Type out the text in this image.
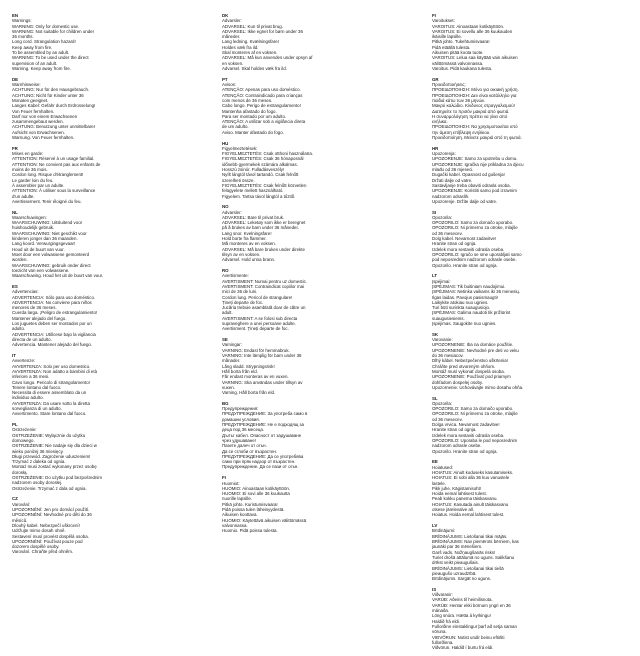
EN
Warnings:
WARNING: Only for domestic use.
WARNING: Not suitable for children under
36 months.
Long cord. Strangulation hazard!
Keep away from fire.
To be assembled by an adult.
WARNING: To be used under the direct
supervision of an adult.
Warning. Keep away from fire.
DE
Warnhinweise:
ACHTUNG: Nur für den Hausgebrauch.
ACHTUNG: Nicht für Kinder unter 36
Monaten geeignet.
Langes Kabel: Gefahr durch Erdrosselung!
Von Feuer fernhalten.
Darf nur von einem Erwachsenen
zusammengebaut werden.
ACHTUNG: Benutzung unter unmittelbarer
Aufsicht von Erwachsenen.
Warnung. Von Feuer fernhalten.
FR
Mises en garde:
ATTENTION: Réservé à un usage familial.
ATTENTION: Ne convient pas aux enfants de
moins de 36 mois.
Cordon long. Risque d'étranglement!
Le garder loin du feu.
À assembler par un adulte.
ATTENTION: À utiliser sous la surveillance
d'un adulte.
Avertissement. Tenir éloigné du feu.
NL
Waarschuwingen:
WAARSCHUWING: Uitsluitend voor
huishoudelijk gebruik.
WAARSCHUWING: Niet geschikt voor
kinderen jonger dan 36 maanden.
Lang koord. Verwurgingsgevaar!
Houd uit de buurt van vuur.
Moet door een volwassene gemonteerd
worden.
WAARSCHUWING: gebruik onder direct
toezicht van een volwassene.
Waarschuwing. Houd het uit de buurt van vuur.
ES
Advertencias:
ADVERTENCIA: Sólo para uso doméstico.
ADVERTENCIA: No conviene para niños
menores de 36 meses.
Cuerda larga. ¡Peligro de estrangulamiento!
Mantener alejado del fuego.
Los juguetes deben ser montados por un
adulto.
ADVERTENCIA: Utilícese bajo la vigilancia
directa de un adulto.
Advertencia. Mantener alejado del fuego.
IT
Avvertenze:
AVVERTENZA: Solo per uso domestico.
AVVERTENZA: Non adatto a bambini di età
inferiore a 36 mesi.
Cavo lungo. Pericolo di strangolamento!
Tenere lontano dal fuoco.
Necessita di essere assemblato da un
individuo adulto.
AVVERTENZA: Da usare sotto la diretta
sorveglianza di un adulto.
Avvertimento. Stare lontano dal fuoco.
PL
Ostrzeżenie:
OSTRZEŻENIE: Wyłącznie do użytku
domowego.
OSTRZEŻENIE: Nie nadaje się dla dzieci w
wieku poniżej 36 miesięcy.
Długi przewód. Zagrożenie uduszeniem!
Trzymać z daleka od ognia.
Montaż musi zostać wykonany przez osobę
dorosłą.
OSTRZEŻENIE: Do użytku pod bezpośrednim
nadzorem osoby dorosłej.
Ostrzeżenie. Trzymać z dala od ognia.
CZ
Varování:
UPOZORNĚNÍ: Jen pro domácí použití.
UPOZORNĚNÍ: Nevhodné pro děti do 36
měsíců.
Dlouhý kabel. Nebezpečí uškrcení!
Udržujte mimo dosah ohně.
Sestavení musí provést dospělá osoba.
UPOZORNĚNÍ: Používat pouze pod
dozorem dospělé osoby.
Varování. Chraňte před ohněm.
DK
Advarsler:
ADVARSEL: Kun til privat brug.
ADVARSEL: Ikke egnet for børn under 36
måneder.
Lang ledning. Kvælningsfare!
Holdes væk fra ild.
Skal monteres af en voksen.
ADVARSEL: Må kun anvendes under opsyn af
en voksen.
Advarsel. Skal holdes væk fra ild.
PT
Avisos:
ATENÇÃO: Apenas para uso doméstico.
ATENÇÃO: Contraindicado para crianças
com menos de 36 meses.
Cabo longo. Perigo de estrangulamento!
Mantenha afastado do fogo.
Para ser montado por um adulto.
ATENÇÃO: A utilizar sob a vigilância direta
de um adulto.
Aviso. Manter afastado do fogo.
HU
Figyelmeztetések:
FIGYELMEZTETÉS: Csak otthoni használatra.
FIGYELMEZTETÉS: Csak 36 hónaposnál
idősebb gyermekek számára alkalmas.
Hosszú zsinór. Fulladásveszély!
Nyílt lángtól távol tartandó. Csak felnőtt
szerelheti össze.
FIGYELMEZTETÉS: Csak felnőtt közvetlen
felügyelete mellett használható.
Figyelem. Tartsa távol lángtól a tűztől.
NO
Advarsler:
ADVARSEL: Bare til privat bruk.
ADVARSEL: Leketøy som ikke er beregnet
på å brukes av barn under 36 måneder.
Lang snor. Kvelningsfare!
Hold borte fra flammer.
Må monteres av en voksen.
ADVARSEL: Må bare brukes under direkte
tilsyn av en voksen.
Advarsel. Hold unna brann.
RO
Avertismente:
AVERTISMENT: Numai pentru uz domestic.
AVERTISMENT: Contraindicat copiilor mai
mici de 36 de luni.
Cordon lung. Pericol de strangulare!
Țineți departe de foc.
Jucăria trebuie asamblată doar de către un
adult.
AVERTISMENT: A se folosi sub directa
supraveghere a unei persoane adulte.
Avertisment. Țineți departe de foc.
SE
Varningar:
VARNING: Endast för hemmabruk.
VARNING: Inte lämplig för barn under 36
månader.
Lång sladd. Strypningsrisk!
Håll borta från eld.
Får endast monteras av en vuxen.
VARNING: Ska användas under tillsyn av
vuxen.
Varning. Håll borta från eld.
BG
Предупреждения:
ПРЕДУПРЕЖДЕНИЕ: За употреба само в
домашни условия.
ПРЕДУПРЕЖДЕНИЕ: Не е подходящ за
деца под 36 месеца.
Дълъг кабел. Опасност от задушаване
чрез удушаване!
Пазете далеч от огън.
Да се сглоби от възрастен.
ПРЕДУПРЕЖДЕНИЕ: Да се употребява
само при пряк надзор от възрастен.
Предупреждение. Да се пази от огън.
FI
Huomiot:
HUOMIO: Ainoastaan kotikäyttöön.
HUOMIO: Ei sovi alle 36 kuukautta
nuorille lapsille.
Pitkä johto. Kuristumisvaara!
Pidä poissa tulen läheisyydestä.
Aikuisen koottava.
HUOMIO: Käytettävä aikuisen välittömässä
valvonnassa.
Huomio. Pidä poissa tulesta.
FI
Varoitukset:
VAROITUS: Ainoastaan kotikäyttöön.
VAROITUS: Ei sovellu alle 36 kuukauden
ikäisille lapsille.
Pitkä johto. Tukehtumisvaara!
Pidä etäällä tulesta.
Aikuisen pitää koota tuote.
VAROITUS: Lelua saa käyttää vain aikuisen
välittömässä valvonnassa.
Varoitus. Pidä kaukana tulesta.
GR
Προειδοποιήσεις:
ΠΡΟΕΙΔΟΠΟΙΗΣΗ: Μόνο για οικιακή χρήση.
ΠΡΟΕΙΔΟΠΟΙΗΣΗ: Δεν είναι κατάλληλο για
παιδιά κάτω των 36 μηνών.
Μακρύ καλώδιο. Κίνδυνος στραγγαλισμού!
Διατηρείτε το προϊόν μακριά από φωτιά.
Η συναρμολόγηση πρέπει να γίνει από
ενήλικα.
ΠΡΟΕΙΔΟΠΟΙΗΣΗ: Να χρησιμοποιείται υπό
την άμεση επίβλεψη ενηλίκου.
Προειδοποίηση. Μείνετε μακριά από τη φωτιά.
HR
Upozorenja:
UPOZORENJE: Samo za upotrebu u domu.
UPOZORENJE: Igračka nije prikladna za djecu
mlađu od 36 mjeseci.
Dugački kabel. Opasnost od gušenja!
Držati dalje od vatre.
Sastavljanje treba obaviti odrasla osoba.
UPOZORENJE: Koristiti samo pod izravnim
nadzorom odraslih.
Upozorenje. Držite dalje od vatre.
SI
Opozorila:
OPOZORILO: Samo za domačo uporabo.
OPOZORILO: Ni primerno za otroke, mlajše
od 36 mesecev.
Dolg kabel. Nevarnost zadavitve!
Hranite stran od ognja.
Izdelek mora sestaviti odrasla oseba.
OPOZORILO: Igračo se sme uporabljati samo
pod neposrednim nadzorom odrasle osebe.
Opozorilo. Hranite stran od ognja.
LT
Įspėjimai:
ĮSPĖJIMAS: Tik buitiniam naudojimui.
ĮSPĖJIMAS: Netinka vaikams iki 36 mėnesių.
Ilgas laidas. Pavojus pasismaugti!
Laikykite atokiau nuo ugnies.
Turi būti surinkta suaugusiojo.
ĮSPĖJIMAS: Galima naudoti tik prižiūrint
suaugusiesiems.
Įspėjimas. Saugokite nuo ugnies.
SK
Varovanie:
UPOZORNENIE: Iba na domáce použitie.
UPOZORNENIE: Nevhodné pre deti vo veku
do 36 mesiacov.
Dlhý kábel. Nebezpečenstvo uškrtenia!
Chráňte pred otvoreným ohňom.
Montáž musí vykonať dospelá osoba.
UPOZORNENIE: Používať pod priamym
dohľadom dospelej osoby.
Upozornenie. Uchovávajte mimo dosahu ohňa.
SL
Opozorila:
OPOZORILO: Samo za domačo uporabo.
OPOZORILO: Ni primerno za otroke, mlajše
od 36 mesecev.
Dolga vrvica. Nevarnost zadavitve!
Hranite stran od ognja.
Izdelek mora sestaviti odrasla oseba.
OPOZORILO: Uporaba le pod neposrednim
nadzorom odrasle osebe.
Opozorilo. Hranite stran od ognja.
EE
Hoiatused:
HOIATUS: Ainult koduseks kasutamiseks.
HOIATUS: Ei sobi alla 36 kuu vanustele
lastele.
Pikk juhe. Kägistamisoht!
Hoida eemal lahtisest tulest.
Peab kokku panema täiskasvanu.
HOIATUS: Kasutada ainult täiskasvanu
otsese järelevalve all.
Hoiatus. Hoida eemal lahtisest tulest.
LV
Brīdinājumi:
BRĪDINĀJUMS: Lietošanai tikai mājās.
BRĪDINĀJUMS: Nav piemērots bērniem, kas
jaunāki par 36 mēnešiem.
Garš vads. Nožņaugšanās risks!
Turiet drošā attālumā no uguns. Salikšanu
drīkst veikt pieaugušais.
BRĪDINĀJUMS: Lietošanai tikai tiešā
pieaugušo uzraudzībā.
Brīdinājums. Sargāt no uguns.
IS
Viðvaranir:
VARÚÐ: Aðeins til heimilisnota.
VARÚÐ: Hentar ekki börnum yngri en 36
mánaða.
Löng snúra. Hætta á kyrkingu!
Haldið frá eldi.
Fullorðinn einstaklingur þarf að setja saman
vöruna.
VIÐVÖRUN: Notist undir beinu eftirliti
fullorðinna.
Viðvörun. Haldið í burtu frá eldi.
